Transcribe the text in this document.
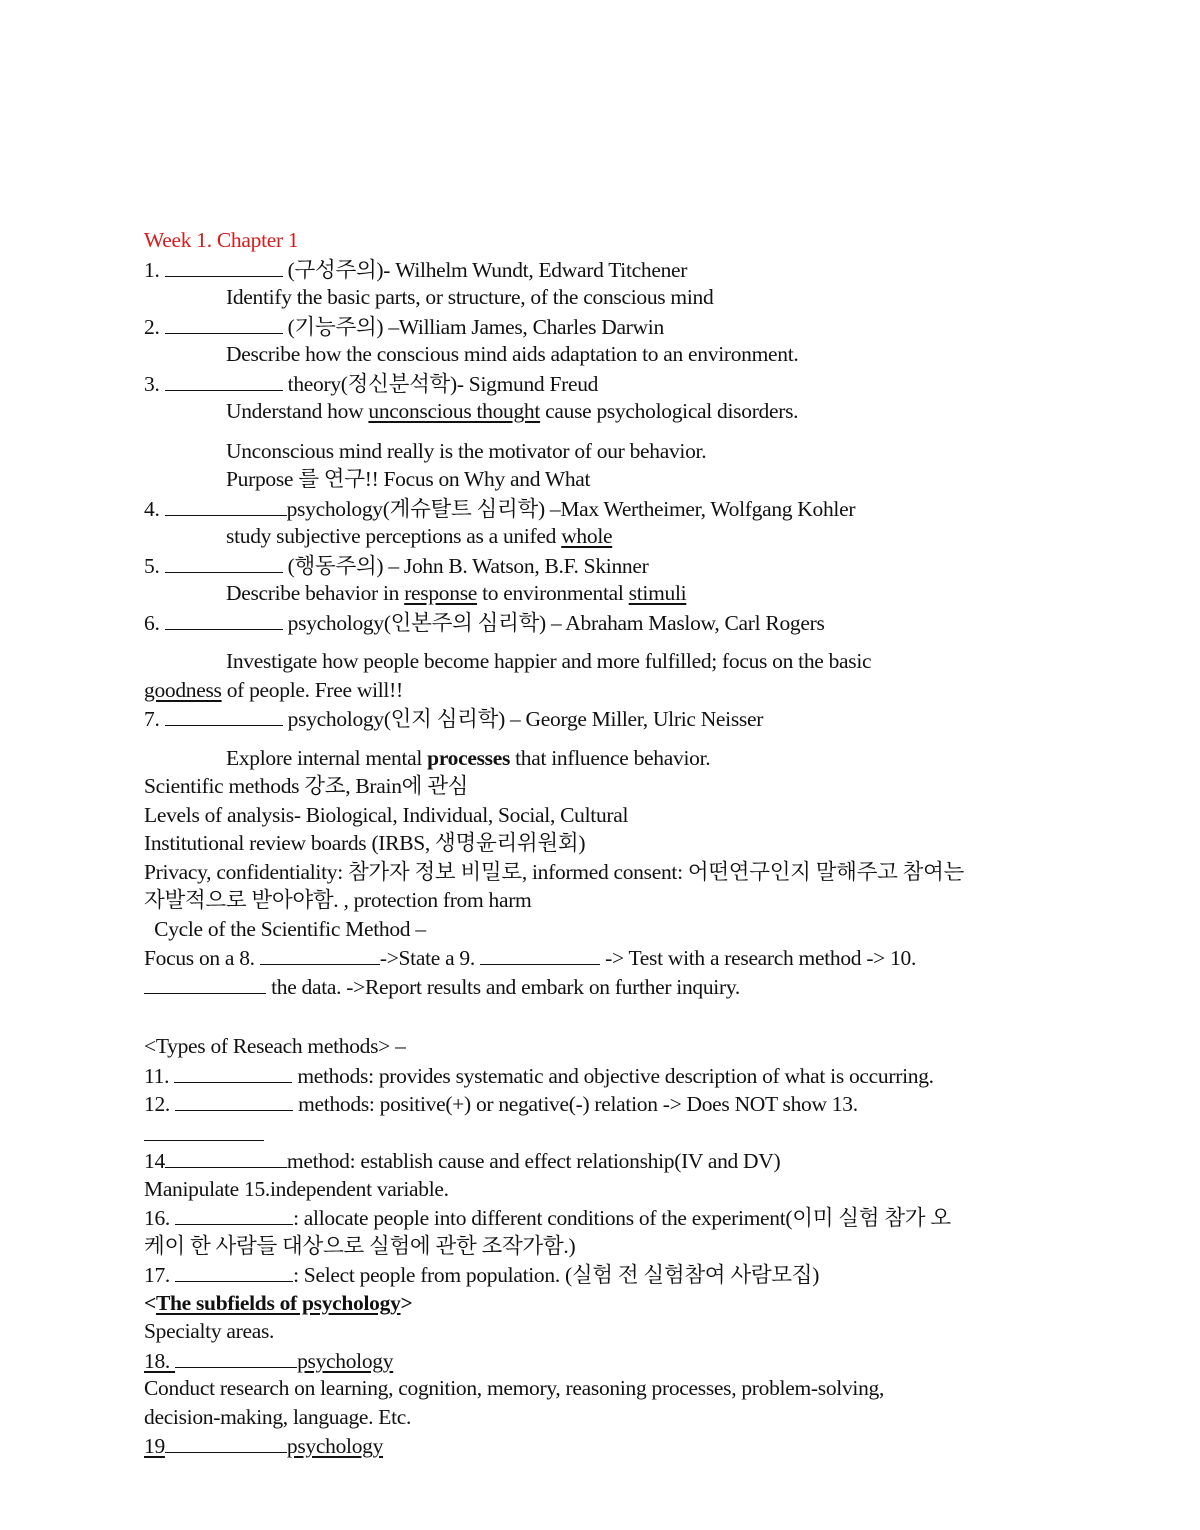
Week 1. Chapter 1
1.	(구성주의)- Wilhelm Wundt, Edward Titchener
Identify the basic parts, or structure, of the conscious mind
2.	(기능주의) –William James, Charles Darwin
Describe how the conscious mind aids adaptation to an environment.
3.	theory(정신분석학)- Sigmund Freud
Understand how unconscious thought cause psychological disorders.
Unconscious mind really is the motivator of our behavior.
Purpose 를 연구!! Focus on Why and What
4.	psychology(게슈탈트 심리학) –Max Wertheimer, Wolfgang Kohler
study subjective perceptions as a unifed whole
5.	(행동주의) – John B. Watson, B.F. Skinner
Describe behavior in response to environmental stimuli
6.	psychology(인본주의 심리학) – Abraham Maslow, Carl Rogers
Investigate how people become happier and more fulfilled; focus on the basic
goodness of people. Free will!!
7.	psychology(인지 심리학) – George Miller, Ulric Neisser
Explore internal mental processes that influence behavior.
Scientific methods 강조, Brain에 관심
Levels of analysis- Biological, Individual, Social, Cultural
Institutional review boards (IRBS, 생명윤리위원회)
Privacy, confidentiality: 참가자 정보 비밀로, informed consent: 어떤연구인지 말해주고 참여는
자발적으로 받아야함. , protection from harm
Cycle of the Scientific Method –
Focus on a 8.	->State a 9.	-> Test with a research method -> 10.
the data. ->Report results and embark on further inquiry.
<Types of Reseach methods> –
11.	methods: provides systematic and objective description of what is occurring.
12.	methods: positive(+) or negative(-) relation -> Does NOT show 13.
14	method: establish cause and effect relationship(IV and DV)
Manipulate 15.independent variable.
16.	: allocate people into different conditions of the experiment(이미 실험 참가 오
케이 한 사람들 대상으로 실험에 관한 조작가함.)
17.	: Select people from population. (실험 전 실험참여 사람모집)
<The subfields of psychology>
Specialty areas.
18.	psychology
Conduct research on learning, cognition, memory, reasoning processes, problem-solving,
decision-making, language. Etc.
19	psychology
